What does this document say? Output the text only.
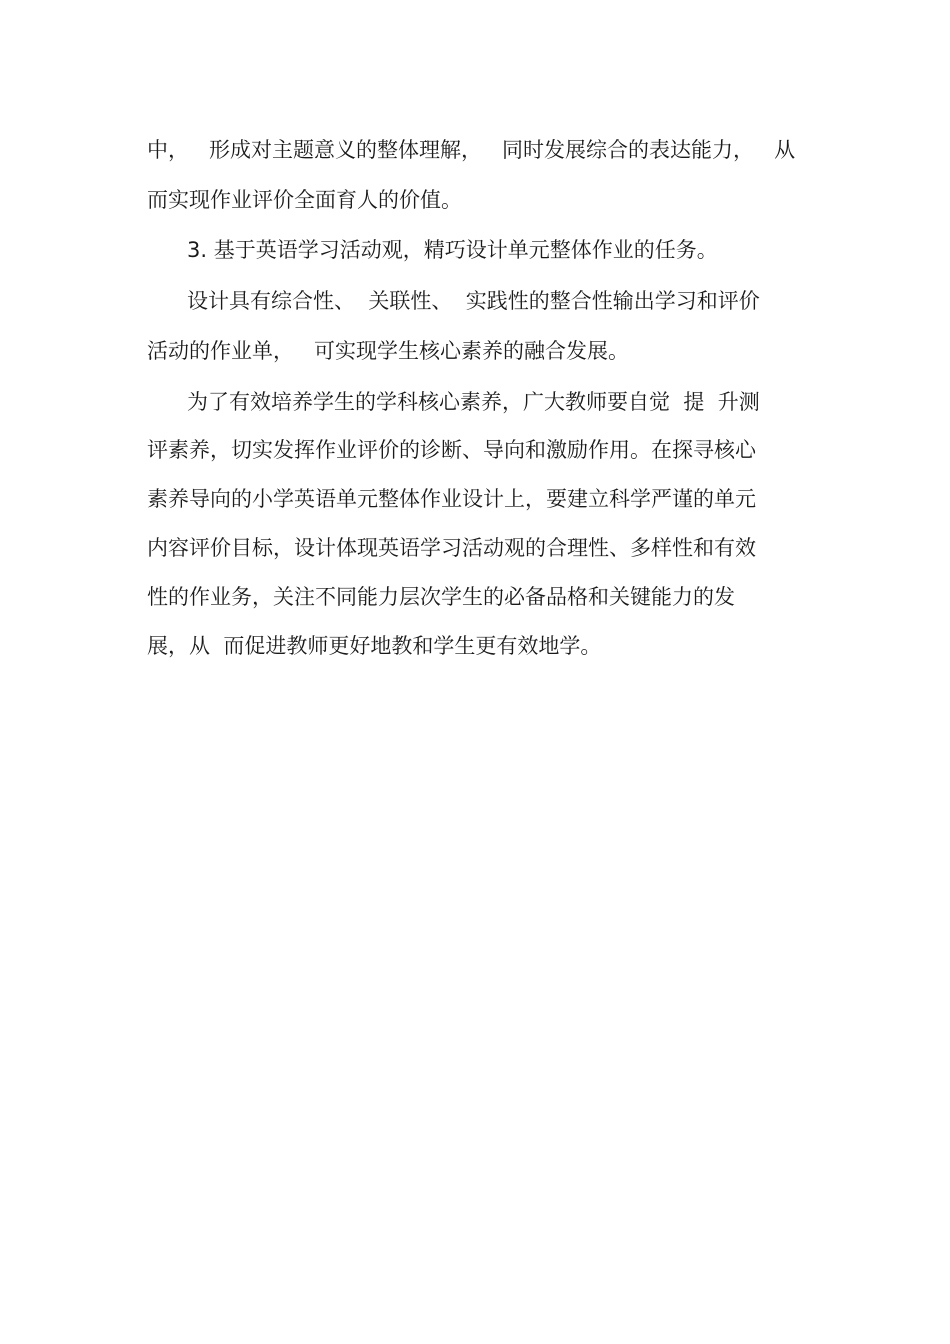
中，   形成对主题意义的整体理解，   同时发展综合的表达能力，   从
而实现作业评价全面育人的价值。
3. 基于英语学习活动观，精巧设计单元整体作业的任务。
设计具有综合性、  关联性、  实践性的整合性输出学习和评价
活动的作业单，   可实现学生核心素养的融合发展。
为了有效培养学生的学科核心素养，广大教师要自觉  提  升测
评素养，切实发挥作业评价的诊断、导向和激励作用。在探寻核心
素养导向的小学英语单元整体作业设计上，要建立科学严谨的单元
内容评价目标，设计体现英语学习活动观的合理性、多样性和有效
性的作业务，关注不同能力层次学生的必备品格和关键能力的发
展，从  而促进教师更好地教和学生更有效地学。
